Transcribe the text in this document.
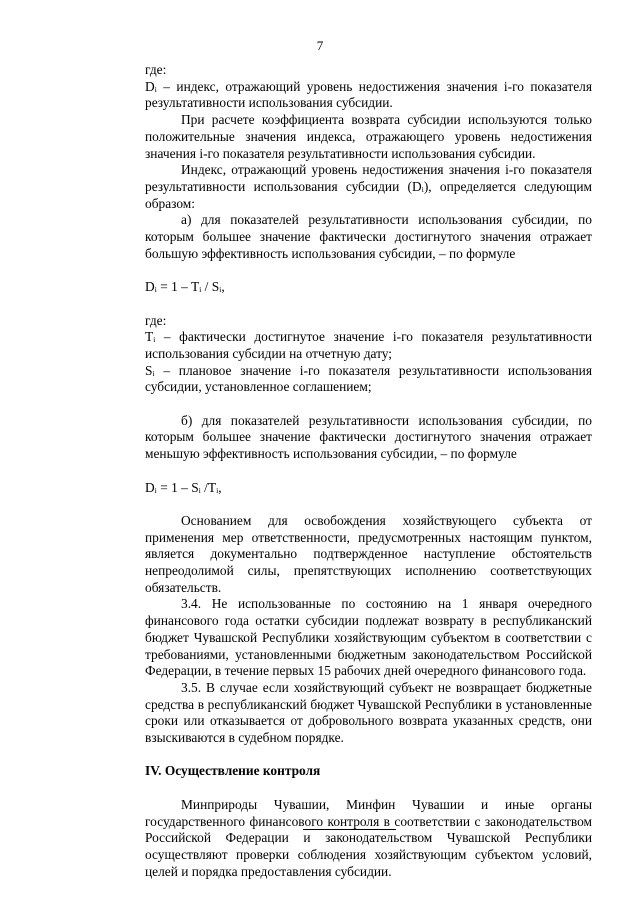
7

где:

Dᵢ – индекс, отражающий уровень недостижения значения i-го показателя результативности использования субсидии.

При расчете коэффициента возврата субсидии используются только положительные значения индекса, отражающего уровень недостижения значения i-го показателя результативности использования субсидии.

Индекс, отражающий уровень недостижения значения i-го показателя результативности использования субсидии (Dᵢ), определяется следующим образом:

а) для показателей результативности использования субсидии, по которым большее значение фактически достигнутого значения отражает большую эффективность использования субсидии, – по формуле

Dᵢ = 1 – Tᵢ / Sᵢ,

где:

Tᵢ – фактически достигнутое значение i-го показателя результативности использования субсидии на отчетную дату;

Sᵢ – плановое значение i-го показателя результативности использования субсидии, установленное соглашением;

б) для показателей результативности использования субсидии, по которым большее значение фактически достигнутого значения отражает меньшую эффективность использования субсидии, – по формуле

Dᵢ = 1 – Sᵢ /Tᵢ,

Основанием для освобождения хозяйствующего субъекта от применения мер ответственности, предусмотренных настоящим пунктом, является документально подтвержденное наступление обстоятельств непреодолимой силы, препятствующих исполнению соответствующих обязательств.

3.4. Не использованные по состоянию на 1 января очередного финансового года остатки субсидии подлежат возврату в республиканский бюджет Чувашской Республики хозяйствующим субъектом в соответствии с требованиями, установленными бюджетным законодательством Российской Федерации, в течение первых 15 рабочих дней очередного финансового года.

3.5. В случае если хозяйствующий субъект не возвращает бюджетные средства в республиканский бюджет Чувашской Республики в установленные сроки или отказывается от добровольного возврата указанных средств, они взыскиваются в судебном порядке.

IV. Осуществление контроля

Минприроды Чувашии, Минфин Чувашии и иные органы государственного финансового контроля в соответствии с законодательством Российской Федерации и законодательством Чувашской Республики осуществляют проверки соблюдения хозяйствующим субъектом условий, целей и порядка предоставления субсидии.
